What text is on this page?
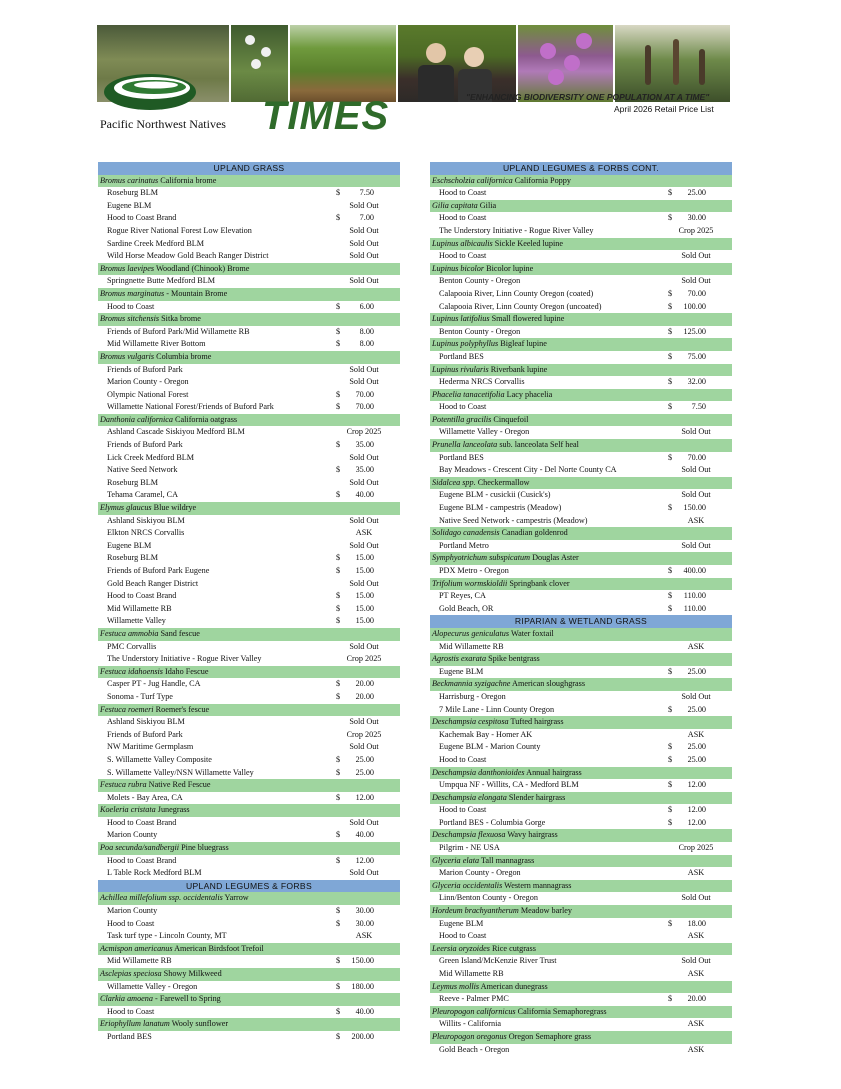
TIMES	"ENHANCING BIODIVERSITY ONE POPULATION AT A TIME"
Pacific Northwest Natives
April 2026 Retail Price List
UPLAND GRASS
Bromus carinatus California brome
Roseburg BLM	$ 7.50
Eugene BLM	Sold Out
Hood to Coast Brand	$ 7.00
Rogue River National Forest Low Elevation	Sold Out
Sardine Creek Medford BLM	Sold Out
Wild Horse Meadow Gold Beach Ranger District	Sold Out
Bromus laevipes Woodland (Chinook) Brome
Springnette Butte Medford BLM	Sold Out
Bromus marginatus - Mountain Brome
Hood to Coast	$ 6.00
Bromus sitchensis Sitka brome
Friends of Buford Park/Mid Willamette RB	$ 8.00
Mid Willamette River Bottom	$ 8.00
Bromus vulgaris Columbia brome
Friends of Buford Park	Sold Out
Marion County - Oregon	Sold Out
Olympic National Forest	$ 70.00
Willamette National Forest/Friends of Buford Park	$ 70.00
Danthonia californica California oatgrass
Ashland Cascade Siskiyou Medford BLM	Crop 2025
Friends of Buford Park	$ 35.00
Lick Creek Medford BLM	Sold Out
Native Seed Network	$ 35.00
Roseburg BLM	Sold Out
Tehama Caramel, CA	$ 40.00
Elymus glaucus Blue wildrye
Ashland Siskiyou BLM	Sold Out
Elkton NRCS Corvallis	ASK
Eugene BLM	Sold Out
Roseburg BLM	$ 15.00
Friends of Buford Park Eugene	$ 15.00
Gold Beach Ranger District	Sold Out
Hood to Coast Brand	$ 15.00
Mid Willamette RB	$ 15.00
Willamette Valley	$ 15.00
Festuca ammobia Sand fescue
PMC Corvallis	Sold Out
The Understory Initiative - Rogue River Valley	Crop 2025
Festuca idahoensis Idaho Fescue
Casper PT - Jug Handle, CA	$ 20.00
Sonoma - Turf Type	$ 20.00
Festuca roemeri Roemer's fescue
Ashland Siskiyou BLM	Sold Out
Friends of Buford Park	Crop 2025
NW Maritime Germplasm	Sold Out
S. Willamette Valley Composite	$ 25.00
S. Willamette Valley/NSN Willamette Valley	$ 25.00
Festuca rubra Native Red Fescue
Molets - Bay Area, CA	$ 12.00
Koeleria cristata Junegrass
Hood to Coast Brand	Sold Out
Marion County	$ 40.00
Poa secunda/sandbergii Pine bluegrass
Hood to Coast Brand	$ 12.00
L Table Rock Medford BLM	Sold Out
UPLAND LEGUMES & FORBS
Achillea millefolium ssp. occidentalis Yarrow
Marion County	$ 30.00
Hood to Coast	$ 30.00
Task turf type - Lincoln County, MT	ASK
Acmispon americanus American Birdsfoot Trefoil
Mid Willamette RB	$ 150.00
Asclepias speciosa Showy Milkweed
Willamette Valley - Oregon	$ 180.00
Clarkia amoena - Farewell to Spring
Hood to Coast	$ 40.00
Eriophyllum lanatum Wooly sunflower
Portland BES	$ 200.00
UPLAND LEGUMES & FORBS CONT.
Eschscholzia californica California Poppy
Hood to Coast	$ 25.00
Gilia capitata Gilia
Hood to Coast	$ 30.00
The Understory Initiative - Rogue River Valley	Crop 2025
Lupinus albicaulis Sickle Keeled lupine
Hood to Coast	Sold Out
Lupinus bicolor Bicolor lupine
Benton County - Oregon	Sold Out
Calapooia River, Linn County Oregon (coated)	$ 70.00
Calapooia River, Linn County Oregon (uncoated)	$ 100.00
Lupinus latifolius Small flowered lupine
Benton County - Oregon	$ 125.00
Lupinus polyphyllus Bigleaf lupine
Portland BES	$ 75.00
Lupinus rivularis Riverbank lupine
Hederma NRCS Corvallis	$ 32.00
Phacelia tanacetifolia Lacy phacelia
Hood to Coast	$ 7.50
Potentilla gracilis Cinquefoil
Willamette Valley - Oregon	Sold Out
Prunella lanceolata sub. lanceolata Self heal
Portland BES	$ 70.00
Bay Meadows - Crescent City - Del Norte County CA	Sold Out
Sidalcea spp. Checkermallow
Eugene BLM - cusickii (Cusick's)	Sold Out
Eugene BLM - campestris (Meadow)	$ 150.00
Native Seed Network - campestris (Meadow)	ASK
Solidago canadensis Canadian goldenrod
Portland Metro	Sold Out
Symphyotrichum subspicatum Douglas Aster
PDX Metro - Oregon	$ 400.00
Trifolium wormskioldii Springbank clover
PT Reyes, CA	$ 110.00
Gold Beach, OR	$ 110.00
RIPARIAN & WETLAND GRASS
Alopecurus geniculatus Water foxtail
Mid Willamette RB	ASK
Agrostis exarata Spike bentgrass
Eugene BLM	$ 25.00
Beckmannia syzigachne American sloughgrass
Harrisburg - Oregon	Sold Out
7 Mile Lane - Linn County Oregon	$ 25.00
Deschampsia cespitosa Tufted hairgrass
Kachemak Bay - Homer AK	ASK
Eugene BLM - Marion County	$ 25.00
Hood to Coast	$ 25.00
Deschampsia danthonioides Annual hairgrass
Umpqua NF - Willits, CA - Medford BLM	$ 12.00
Deschampsia elongata Slender hairgrass
Hood to Coast	$ 12.00
Portland BES - Columbia Gorge	$ 12.00
Deschampsia flexuosa Wavy hairgrass
Pilgrim - NE USA	Crop 2025
Glyceria elata Tall mannagrass
Marion County - Oregon	ASK
Glyceria occidentalis Western mannagrass
Linn/Benton County - Oregon	Sold Out
Hordeum brachyantherum Meadow barley
Eugene BLM	$ 18.00
Hood to Coast	ASK
Leersia oryzoides Rice cutgrass
Green Island/McKenzie River Trust	Sold Out
Mid Willamette RB	ASK
Leymus mollis American dunegrass
Reeve - Palmer PMC	$ 20.00
Pleuropogon californicus California Semaphoregrass
Willits - California	ASK
Pleuropogon oregonus Oregon Semaphore grass
Gold Beach - Oregon	ASK
